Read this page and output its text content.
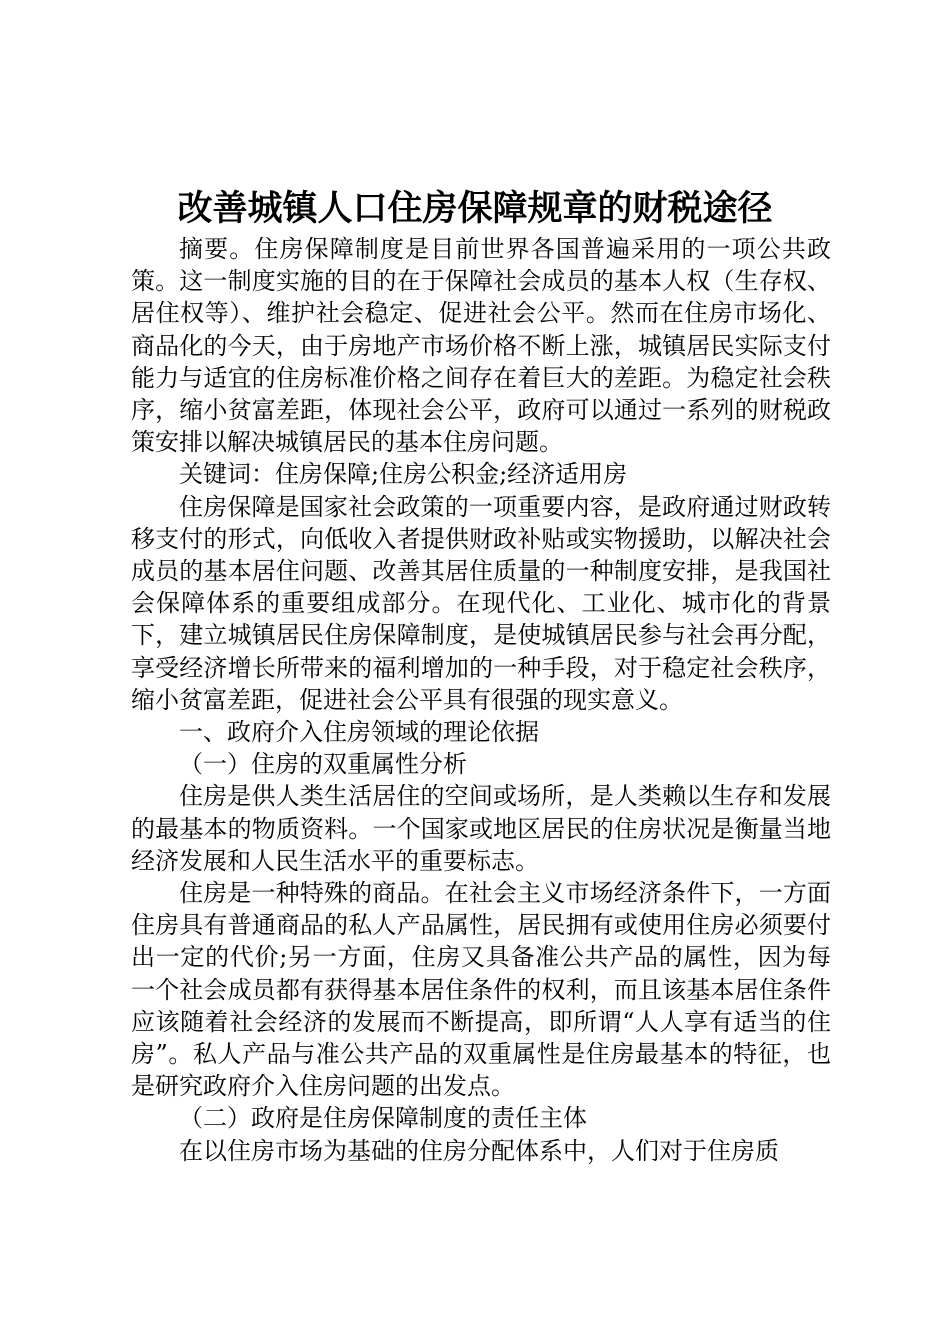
改善城镇人口住房保障规章的财税途径

摘要。住房保障制度是目前世界各国普遍采用的一项公共政策。这一制度实施的目的在于保障社会成员的基本人权（生存权、居住权等）、维护社会稳定、促进社会公平。然而在住房市场化、商品化的今天，由于房地产市场价格不断上涨，城镇居民实际支付能力与适宜的住房标准价格之间存在着巨大的差距。为稳定社会秩序，缩小贫富差距，体现社会公平，政府可以通过一系列的财税政策安排以解决城镇居民的基本住房问题。

关键词：住房保障;住房公积金;经济适用房

住房保障是国家社会政策的一项重要内容，是政府通过财政转移支付的形式，向低收入者提供财政补贴或实物援助，以解决社会成员的基本居住问题、改善其居住质量的一种制度安排，是我国社会保障体系的重要组成部分。在现代化、工业化、城市化的背景下，建立城镇居民住房保障制度，是使城镇居民参与社会再分配，享受经济增长所带来的福利增加的一种手段，对于稳定社会秩序，缩小贫富差距，促进社会公平具有很强的现实意义。

一、政府介入住房领域的理论依据

（一）住房的双重属性分析

住房是供人类生活居住的空间或场所，是人类赖以生存和发展的最基本的物质资料。一个国家或地区居民的住房状况是衡量当地经济发展和人民生活水平的重要标志。

住房是一种特殊的商品。在社会主义市场经济条件下，一方面住房具有普通商品的私人产品属性，居民拥有或使用住房必须要付出一定的代价;另一方面，住房又具备准公共产品的属性，因为每一个社会成员都有获得基本居住条件的权利，而且该基本居住条件应该随着社会经济的发展而不断提高，即所谓“人人享有适当的住房”。私人产品与准公共产品的双重属性是住房最基本的特征，也是研究政府介入住房问题的出发点。

（二）政府是住房保障制度的责任主体

在以住房市场为基础的住房分配体系中，人们对于住房质
